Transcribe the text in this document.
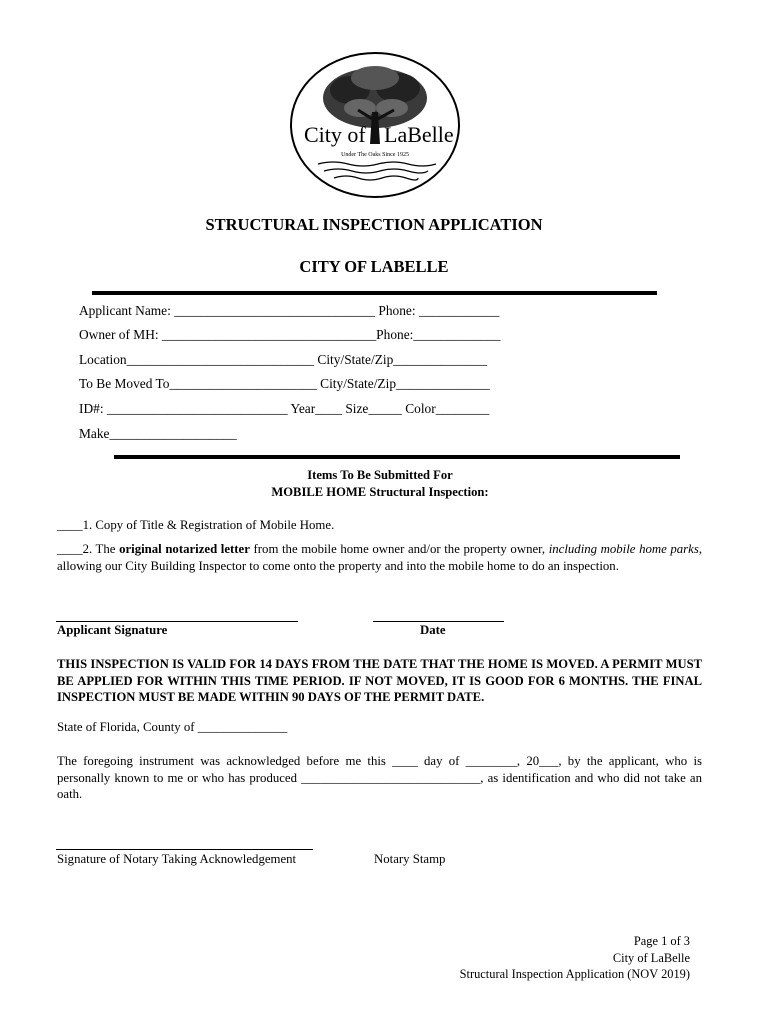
City of LaBelle
Under The Oaks Since 1925
STRUCTURAL INSPECTION APPLICATION
CITY OF LABELLE
Applicant Name: ______________________________ Phone: ____________
Owner of MH: ________________________________Phone:_____________
Location____________________________ City/State/Zip______________
To Be Moved To______________________ City/State/Zip______________
ID#: ___________________________ Year____ Size_____ Color________
Make___________________
Items To Be Submitted For
MOBILE HOME Structural Inspection:
____1. Copy of Title & Registration of Mobile Home.
____2. The original notarized letter from the mobile home owner and/or the property owner, including mobile home parks, allowing our City Building Inspector to come onto the property and into the mobile home to do an inspection.
Applicant Signature	Date
THIS INSPECTION IS VALID FOR 14 DAYS FROM THE DATE THAT THE HOME IS MOVED. A PERMIT MUST BE APPLIED FOR WITHIN THIS TIME PERIOD. IF NOT MOVED, IT IS GOOD FOR 6 MONTHS. THE FINAL INSPECTION MUST BE MADE WITHIN 90 DAYS OF THE PERMIT DATE.
State of Florida, County of ______________
The foregoing instrument was acknowledged before me this ____ day of ________, 20___, by the applicant, who is personally known to me or who has produced ____________________________, as identification and who did not take an oath.
Signature of Notary Taking Acknowledgement	Notary Stamp
Page 1 of 3
City of LaBelle
Structural Inspection Application (NOV 2019)
